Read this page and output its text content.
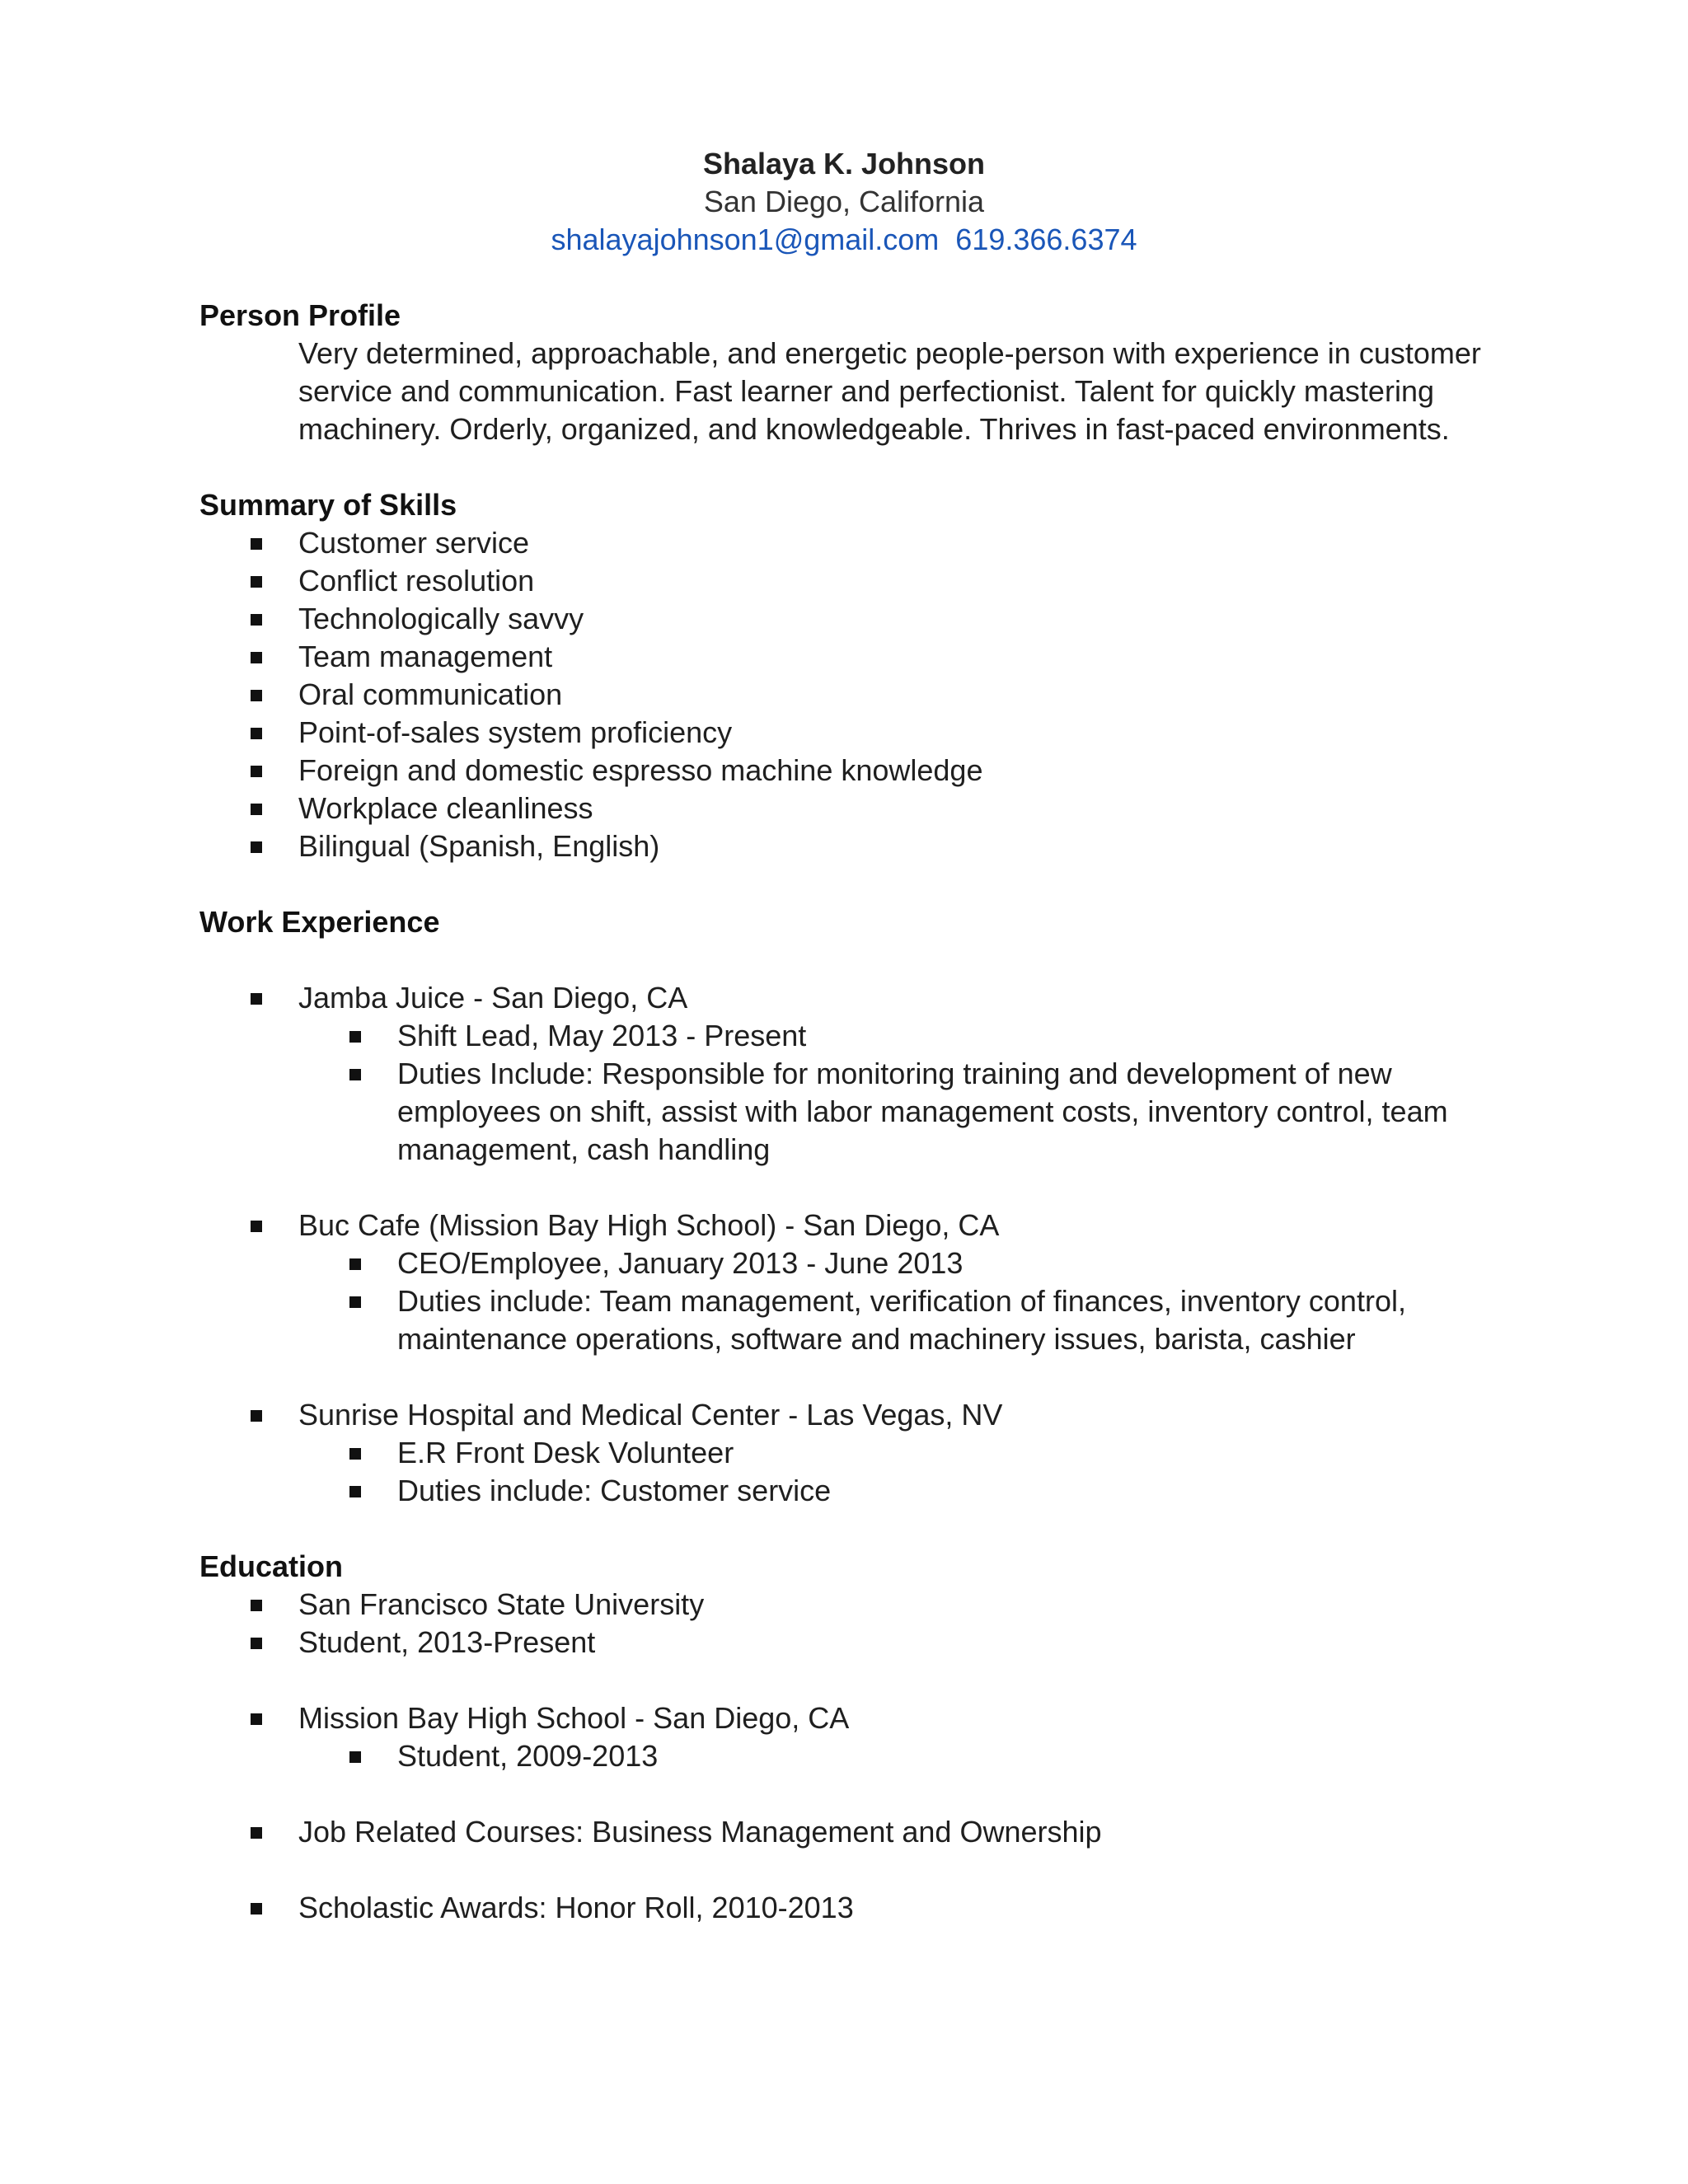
Shalaya K. Johnson
San Diego, California
shalayajohnson1@gmail.com 619.366.6374
Person Profile
Very determined, approachable, and energetic people-person with experience in customer service and communication. Fast learner and perfectionist. Talent for quickly mastering machinery. Orderly, organized, and knowledgeable. Thrives in fast-paced environments.
Summary of Skills
Customer service
Conflict resolution
Technologically savvy
Team management
Oral communication
Point-of-sales system proficiency
Foreign and domestic espresso machine knowledge
Workplace cleanliness
Bilingual (Spanish, English)
Work Experience
Jamba Juice - San Diego, CA
Shift Lead, May 2013 - Present
Duties Include: Responsible for monitoring training and development of new employees on shift, assist with labor management costs, inventory control, team management, cash handling
Buc Cafe (Mission Bay High School) - San Diego, CA
CEO/Employee, January 2013 - June 2013
Duties include: Team management, verification of finances, inventory control, maintenance operations, software and machinery issues, barista, cashier
Sunrise Hospital and Medical Center - Las Vegas, NV
E.R Front Desk Volunteer
Duties include: Customer service
Education
San Francisco State University
Student, 2013-Present
Mission Bay High School - San Diego, CA
Student, 2009-2013
Job Related Courses: Business Management and Ownership
Scholastic Awards: Honor Roll, 2010-2013
